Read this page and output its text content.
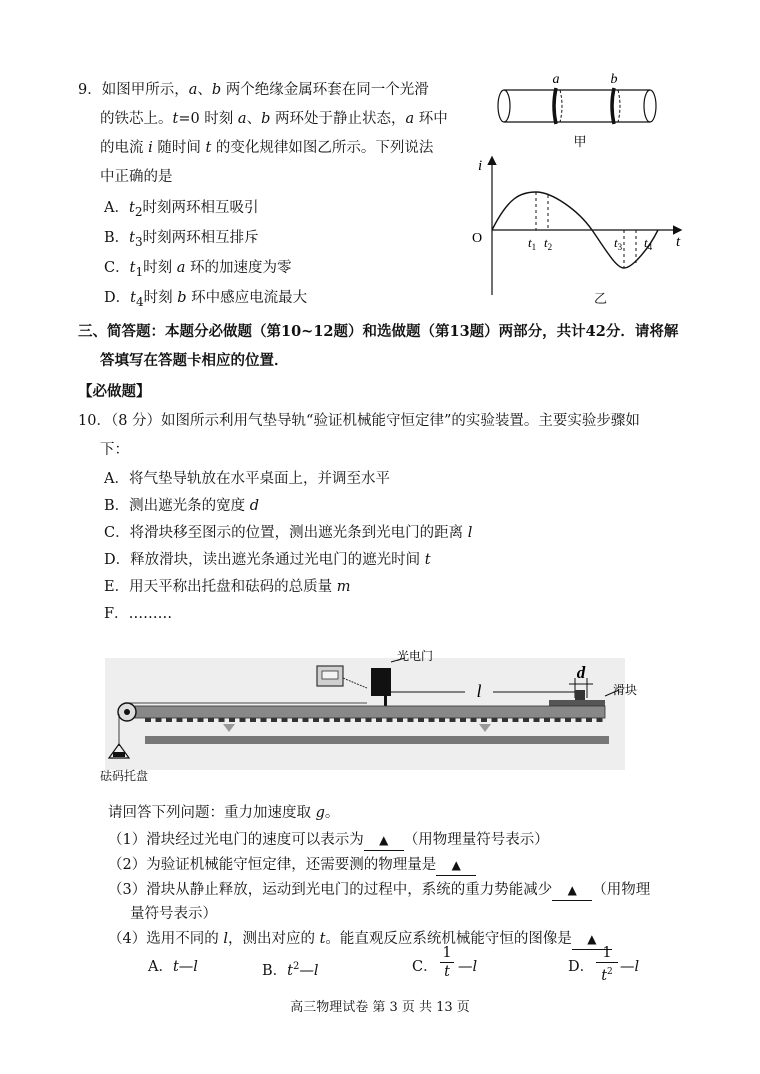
9．如图甲所示，a、b 两个绝缘金属环套在同一个光滑
的铁芯上。t=0 时刻 a、b 两环处于静止状态，a 环中
的电流 i 随时间 t 的变化规律如图乙所示。下列说法
中正确的是
A．$t_2$时刻两环相互吸引
B．$t_3$时刻两环相互排斥
C．$t_1$时刻 a 环的加速度为零
D．$t_4$时刻 b 环中感应电流最大
a	b
甲
i
O	t
$t_1$ $t_2$	$t_3$ $t_4$
乙
三、简答题：本题分必做题（第10~12题）和选做题（第13题）两部分，共计42分．请将解
答填写在答题卡相应的位置．
【必做题】
10．（8 分）如图所示利用气垫导轨“验证机械能守恒定律”的实验装置。主要实验步骤如
下：
A．将气垫导轨放在水平桌面上，并调至水平
B．测出遮光条的宽度 d
C．将滑块移至图示的位置，测出遮光条到光电门的距离 l
D．释放滑块，读出遮光条通过光电门的遮光时间 t
E．用天平称出托盘和砝码的总质量 m
F．………
光电门
l
d
滑块
砝码托盘
请回答下列问题：重力加速度取 g。
（1）滑块经过光电门的速度可以表示为 ▲ （用物理量符号表示）
（2）为验证机械能守恒定律，还需要测的物理量是 ▲
（3）滑块从静止释放，运动到光电门的过程中，系统的重力势能减少 ▲ （用物理
量符号表示）
（4）选用不同的 l，测出对应的 t。能直观反应系统机械能守恒的图像是 ▲
A．t—l	B．$t^2—l$	C． $\frac{1}{t}$ —l	D． $\frac{1}{t^2}$ —l
高三物理试卷 第 3 页 共 13 页
